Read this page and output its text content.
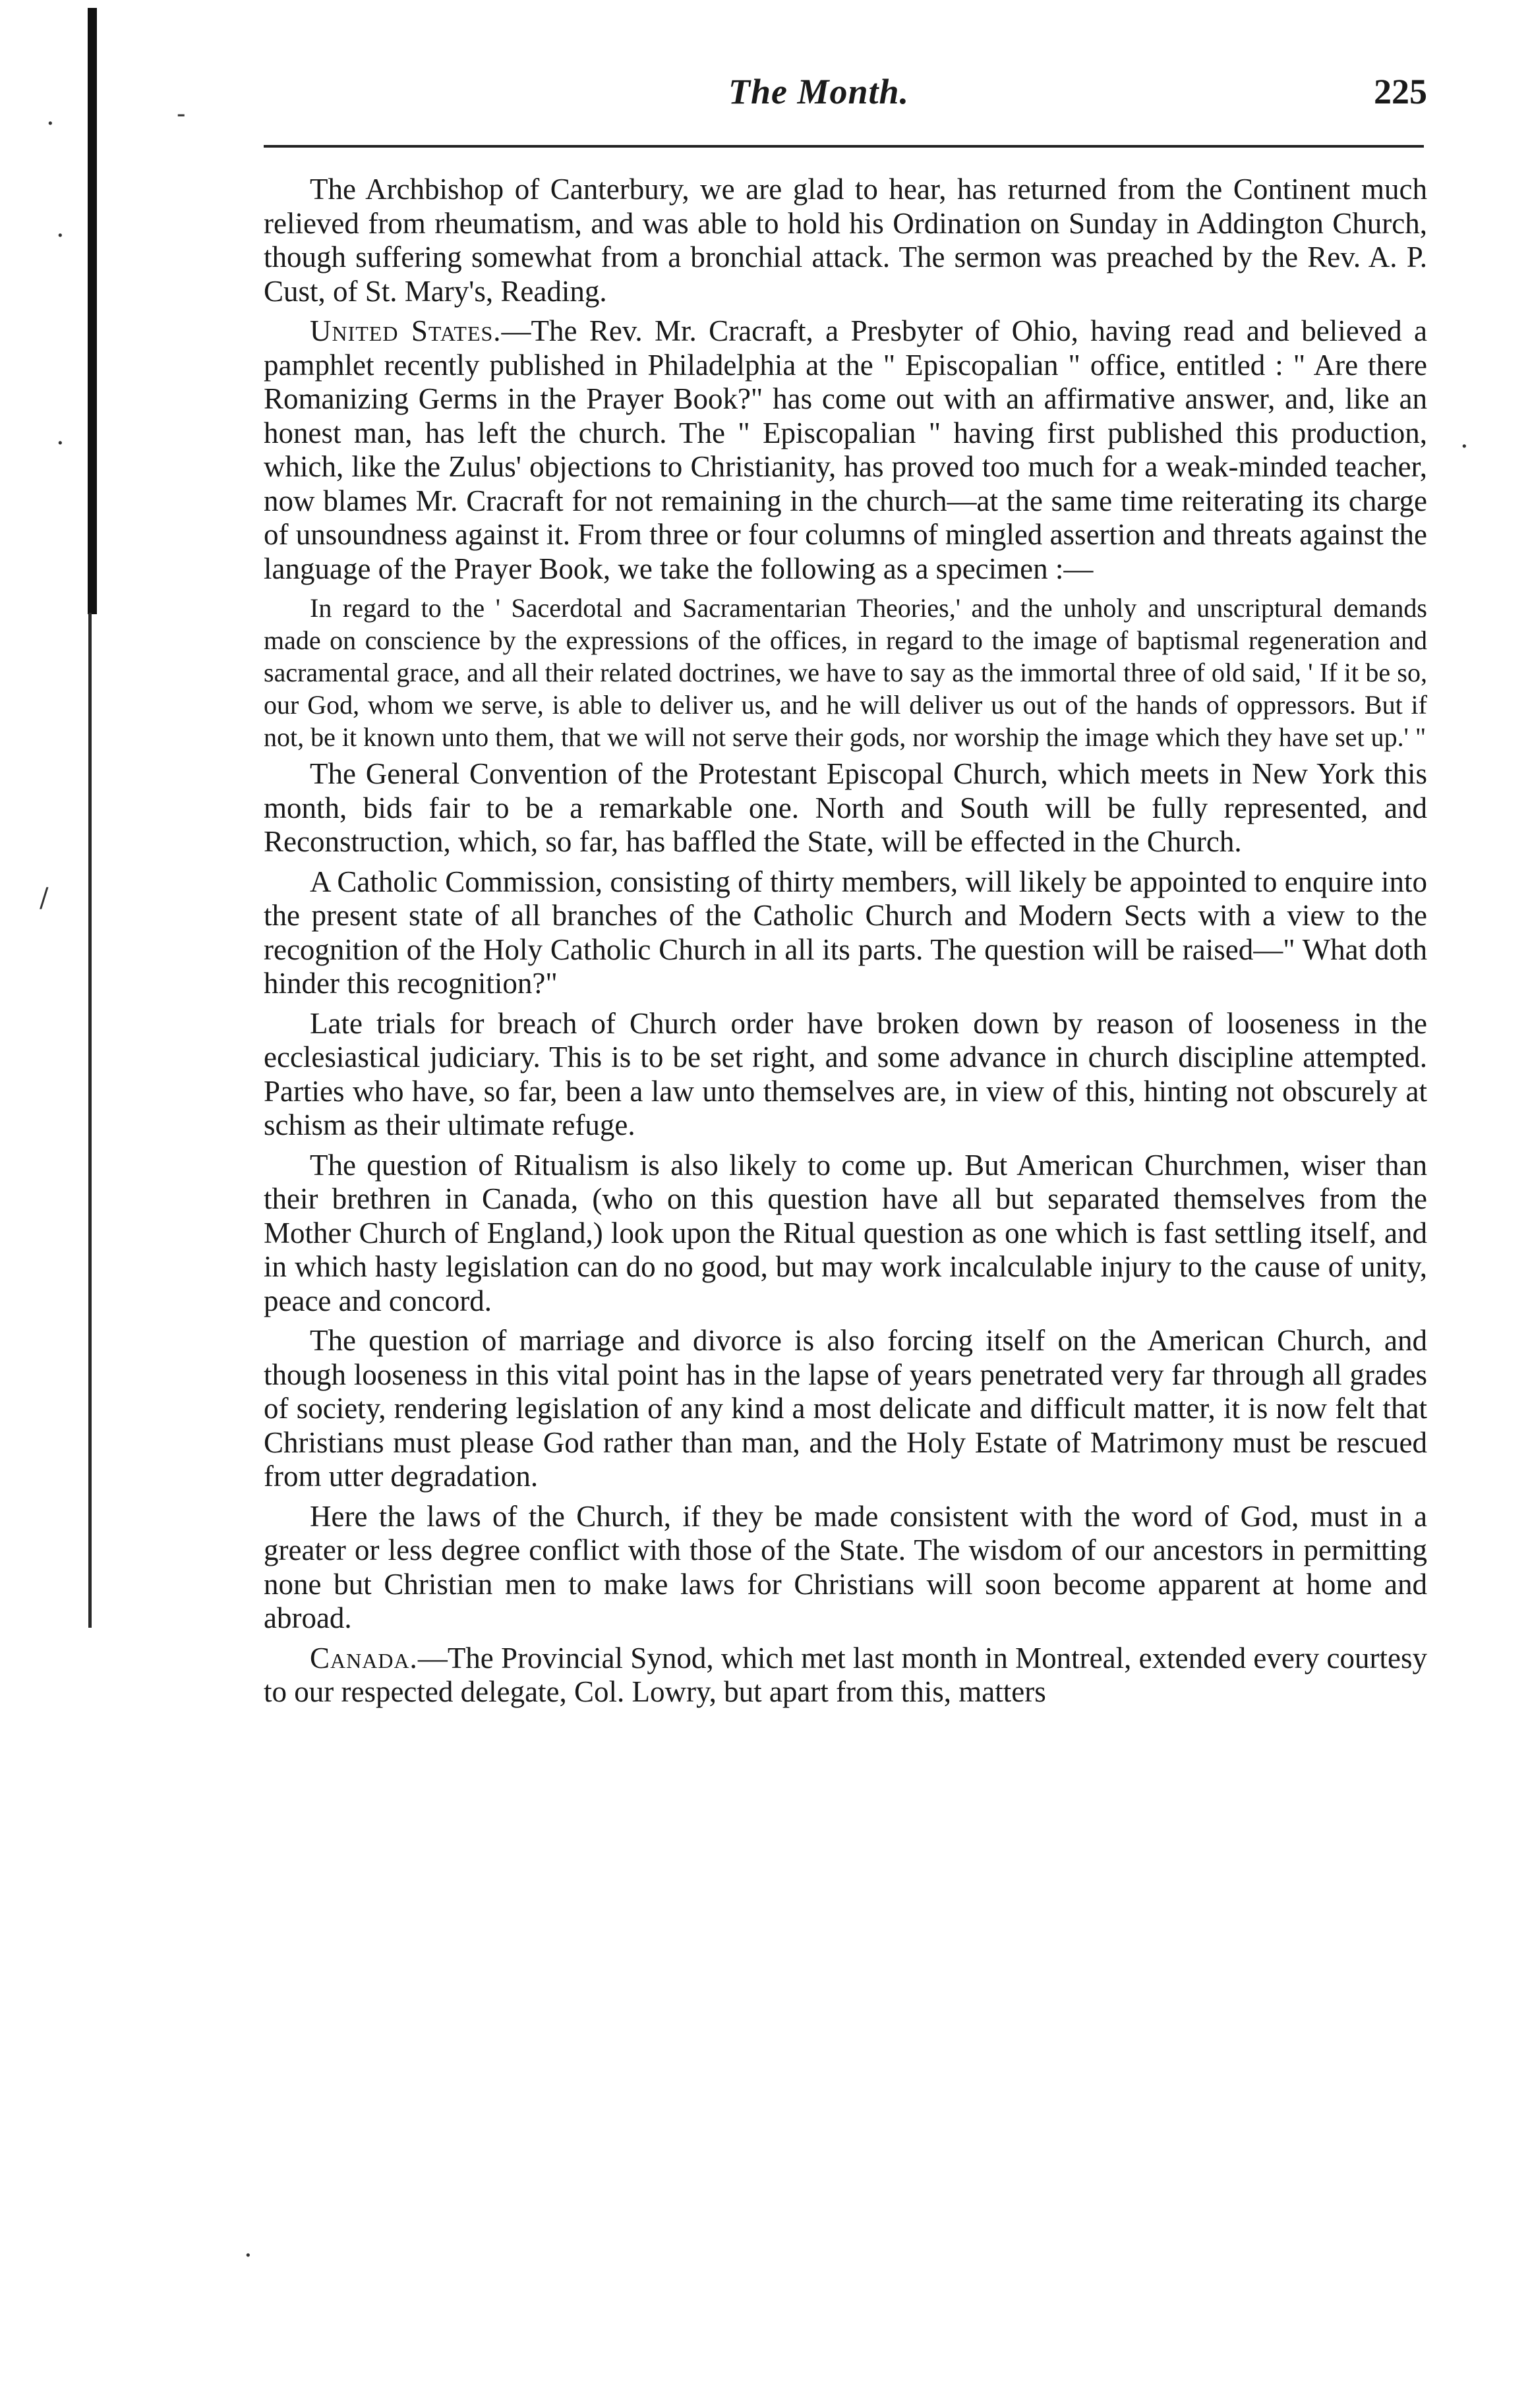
·	-
·
·	·
/
·
The Month.	225

The Archbishop of Canterbury, we are glad to hear, has returned from the Continent much relieved from rheumatism, and was able to hold his Ordination on Sunday in Addington Church, though suffering somewhat from a bronchial attack. The sermon was preached by the Rev. A. P. Cust, of St. Mary's, Reading.

United States.—The Rev. Mr. Cracraft, a Presbyter of Ohio, having read and believed a pamphlet recently published in Philadelphia at the " Episcopalian " office, entitled : " Are there Romanizing Germs in the Prayer Book?" has come out with an affirmative answer, and, like an honest man, has left the church. The " Episcopalian " having first published this production, which, like the Zulus' objections to Christianity, has proved too much for a weak-minded teacher, now blames Mr. Cracraft for not remaining in the church—at the same time reiterating its charge of unsoundness against it. From three or four columns of mingled assertion and threats against the language of the Prayer Book, we take the following as a specimen :—

In regard to the ' Sacerdotal and Sacramentarian Theories,' and the unholy and unscriptural demands made on conscience by the expressions of the offices, in regard to the image of baptismal regeneration and sacramental grace, and all their related doctrines, we have to say as the immortal three of old said, ' If it be so, our God, whom we serve, is able to deliver us, and he will deliver us out of the hands of oppressors. But if not, be it known unto them, that we will not serve their gods, nor worship the image which they have set up.' "

The General Convention of the Protestant Episcopal Church, which meets in New York this month, bids fair to be a remarkable one. North and South will be fully represented, and Reconstruction, which, so far, has baffled the State, will be effected in the Church.

A Catholic Commission, consisting of thirty members, will likely be appointed to enquire into the present state of all branches of the Catholic Church and Modern Sects with a view to the recognition of the Holy Catholic Church in all its parts. The question will be raised—" What doth hinder this recognition?"

Late trials for breach of Church order have broken down by reason of looseness in the ecclesiastical judiciary. This is to be set right, and some advance in church discipline attempted. Parties who have, so far, been a law unto themselves are, in view of this, hinting not obscurely at schism as their ultimate refuge.

The question of Ritualism is also likely to come up. But American Churchmen, wiser than their brethren in Canada, (who on this question have all but separated themselves from the Mother Church of England,) look upon the Ritual question as one which is fast settling itself, and in which hasty legislation can do no good, but may work incalculable injury to the cause of unity, peace and concord.

The question of marriage and divorce is also forcing itself on the American Church, and though looseness in this vital point has in the lapse of years penetrated very far through all grades of society, rendering legislation of any kind a most delicate and difficult matter, it is now felt that Christians must please God rather than man, and the Holy Estate of Matrimony must be rescued from utter degradation.

Here the laws of the Church, if they be made consistent with the word of God, must in a greater or less degree conflict with those of the State. The wisdom of our ancestors in permitting none but Christian men to make laws for Christians will soon become apparent at home and abroad.

Canada.—The Provincial Synod, which met last month in Montreal, extended every courtesy to our respected delegate, Col. Lowry, but apart from this, matters
